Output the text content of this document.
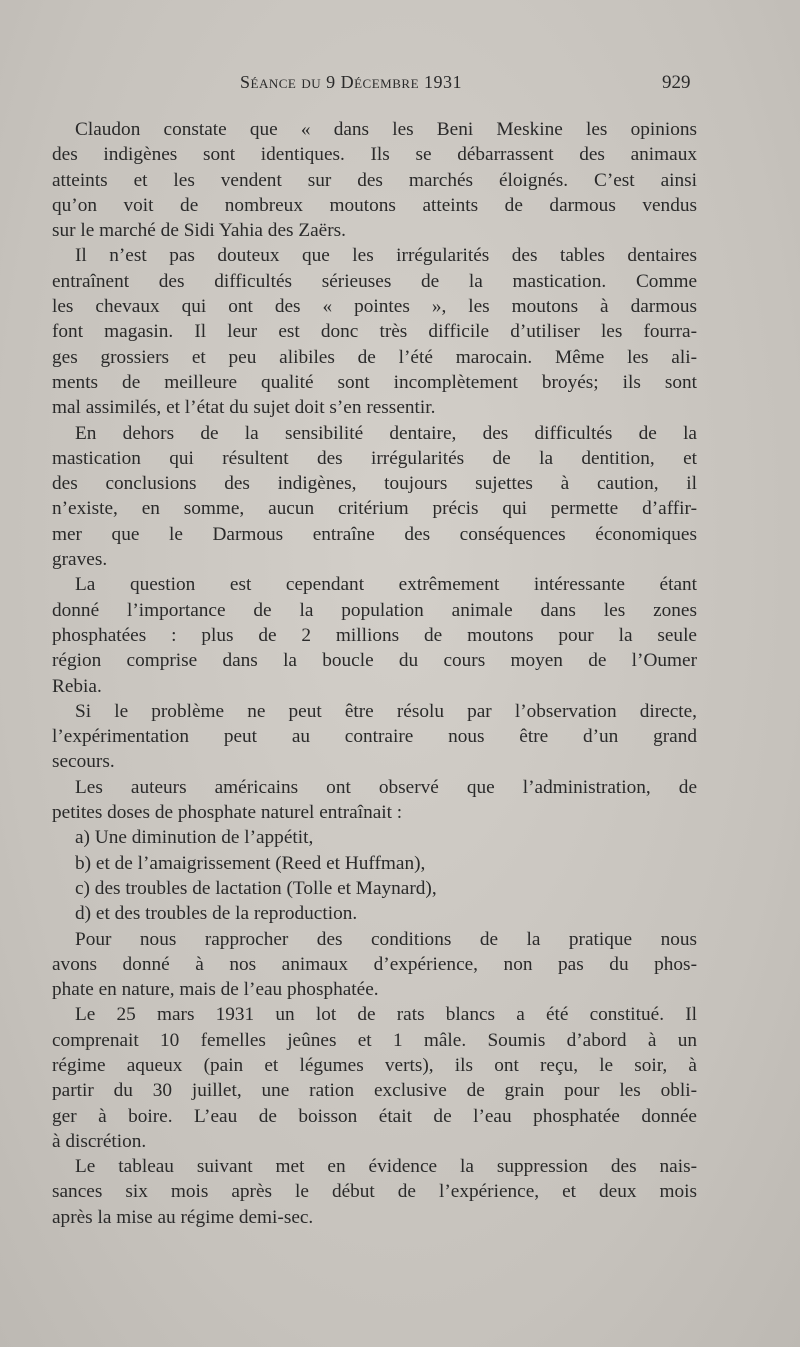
Séance du 9 Décembre 1931	929
Claudon constate que « dans les Beni Meskine les opinions
des indigènes sont identiques. Ils se débarrassent des animaux
atteints et les vendent sur des marchés éloignés. C’est ainsi
qu’on voit de nombreux moutons atteints de darmous vendus
sur le marché de Sidi Yahia des Zaërs.
Il n’est pas douteux que les irrégularités des tables dentaires
entraînent des difficultés sérieuses de la mastication. Comme
les chevaux qui ont des « pointes », les moutons à darmous
font magasin. Il leur est donc très difficile d’utiliser les fourra-
ges grossiers et peu alibiles de l’été marocain. Même les ali-
ments de meilleure qualité sont incomplètement broyés; ils sont
mal assimilés, et l’état du sujet doit s’en ressentir.
En dehors de la sensibilité dentaire, des difficultés de la
mastication qui résultent des irrégularités de la dentition, et
des conclusions des indigènes, toujours sujettes à caution, il
n’existe, en somme, aucun critérium précis qui permette d’affir-
mer que le Darmous entraîne des conséquences économiques
graves.
La question est cependant extrêmement intéressante étant
donné l’importance de la population animale dans les zones
phosphatées : plus de 2 millions de moutons pour la seule
région comprise dans la boucle du cours moyen de l’Oumer
Rebia.
Si le problème ne peut être résolu par l’observation directe,
l’expérimentation peut au contraire nous être d’un grand
secours.
Les auteurs américains ont observé que l’administration, de
petites doses de phosphate naturel entraînait :
a) Une diminution de l’appétit,
b) et de l’amaigrissement (Reed et Huffman),
c) des troubles de lactation (Tolle et Maynard),
d) et des troubles de la reproduction.
Pour nous rapprocher des conditions de la pratique nous
avons donné à nos animaux d’expérience, non pas du phos-
phate en nature, mais de l’eau phosphatée.
Le 25 mars 1931 un lot de rats blancs a été constitué. Il
comprenait 10 femelles jeûnes et 1 mâle. Soumis d’abord à un
régime aqueux (pain et légumes verts), ils ont reçu, le soir, à
partir du 30 juillet, une ration exclusive de grain pour les obli-
ger à boire. L’eau de boisson était de l’eau phosphatée donnée
à discrétion.
Le tableau suivant met en évidence la suppression des nais-
sances six mois après le début de l’expérience, et deux mois
après la mise au régime demi-sec.
